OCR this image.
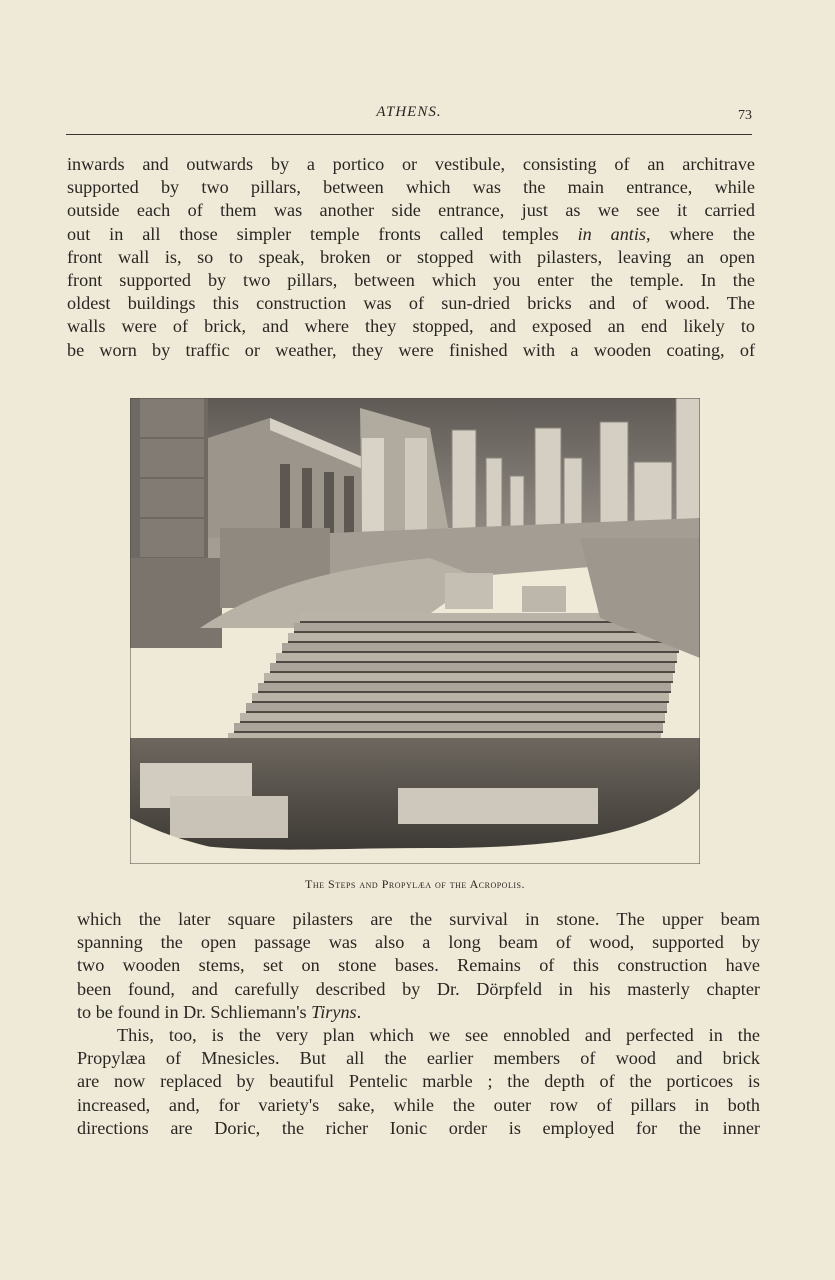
ATHENS.	73
inwards and outwards by a portico or vestibule, consisting of an architrave
supported by two pillars, between which was the main entrance, while
outside each of them was another side entrance, just as we see it carried
out in all those simpler temple fronts called temples in antis, where the
front wall is, so to speak, broken or stopped with pilasters, leaving an open
front supported by two pillars, between which you enter the temple. In the
oldest buildings this construction was of sun-dried bricks and of wood. The
walls were of brick, and where they stopped, and exposed an end likely to
be worn by traffic or weather, they were finished with a wooden coating, of
The Steps and Propylæa of the Acropolis.
which the later square pilasters are the survival in stone. The upper beam
spanning the open passage was also a long beam of wood, supported by
two wooden stems, set on stone bases. Remains of this construction have
been found, and carefully described by Dr. Dörpfeld in his masterly chapter
to be found in Dr. Schliemann's Tiryns.
This, too, is the very plan which we see ennobled and perfected in the
Propylæa of Mnesicles. But all the earlier members of wood and brick
are now replaced by beautiful Pentelic marble ; the depth of the porticoes is
increased, and, for variety's sake, while the outer row of pillars in both
directions are Doric, the richer Ionic order is employed for the inner
